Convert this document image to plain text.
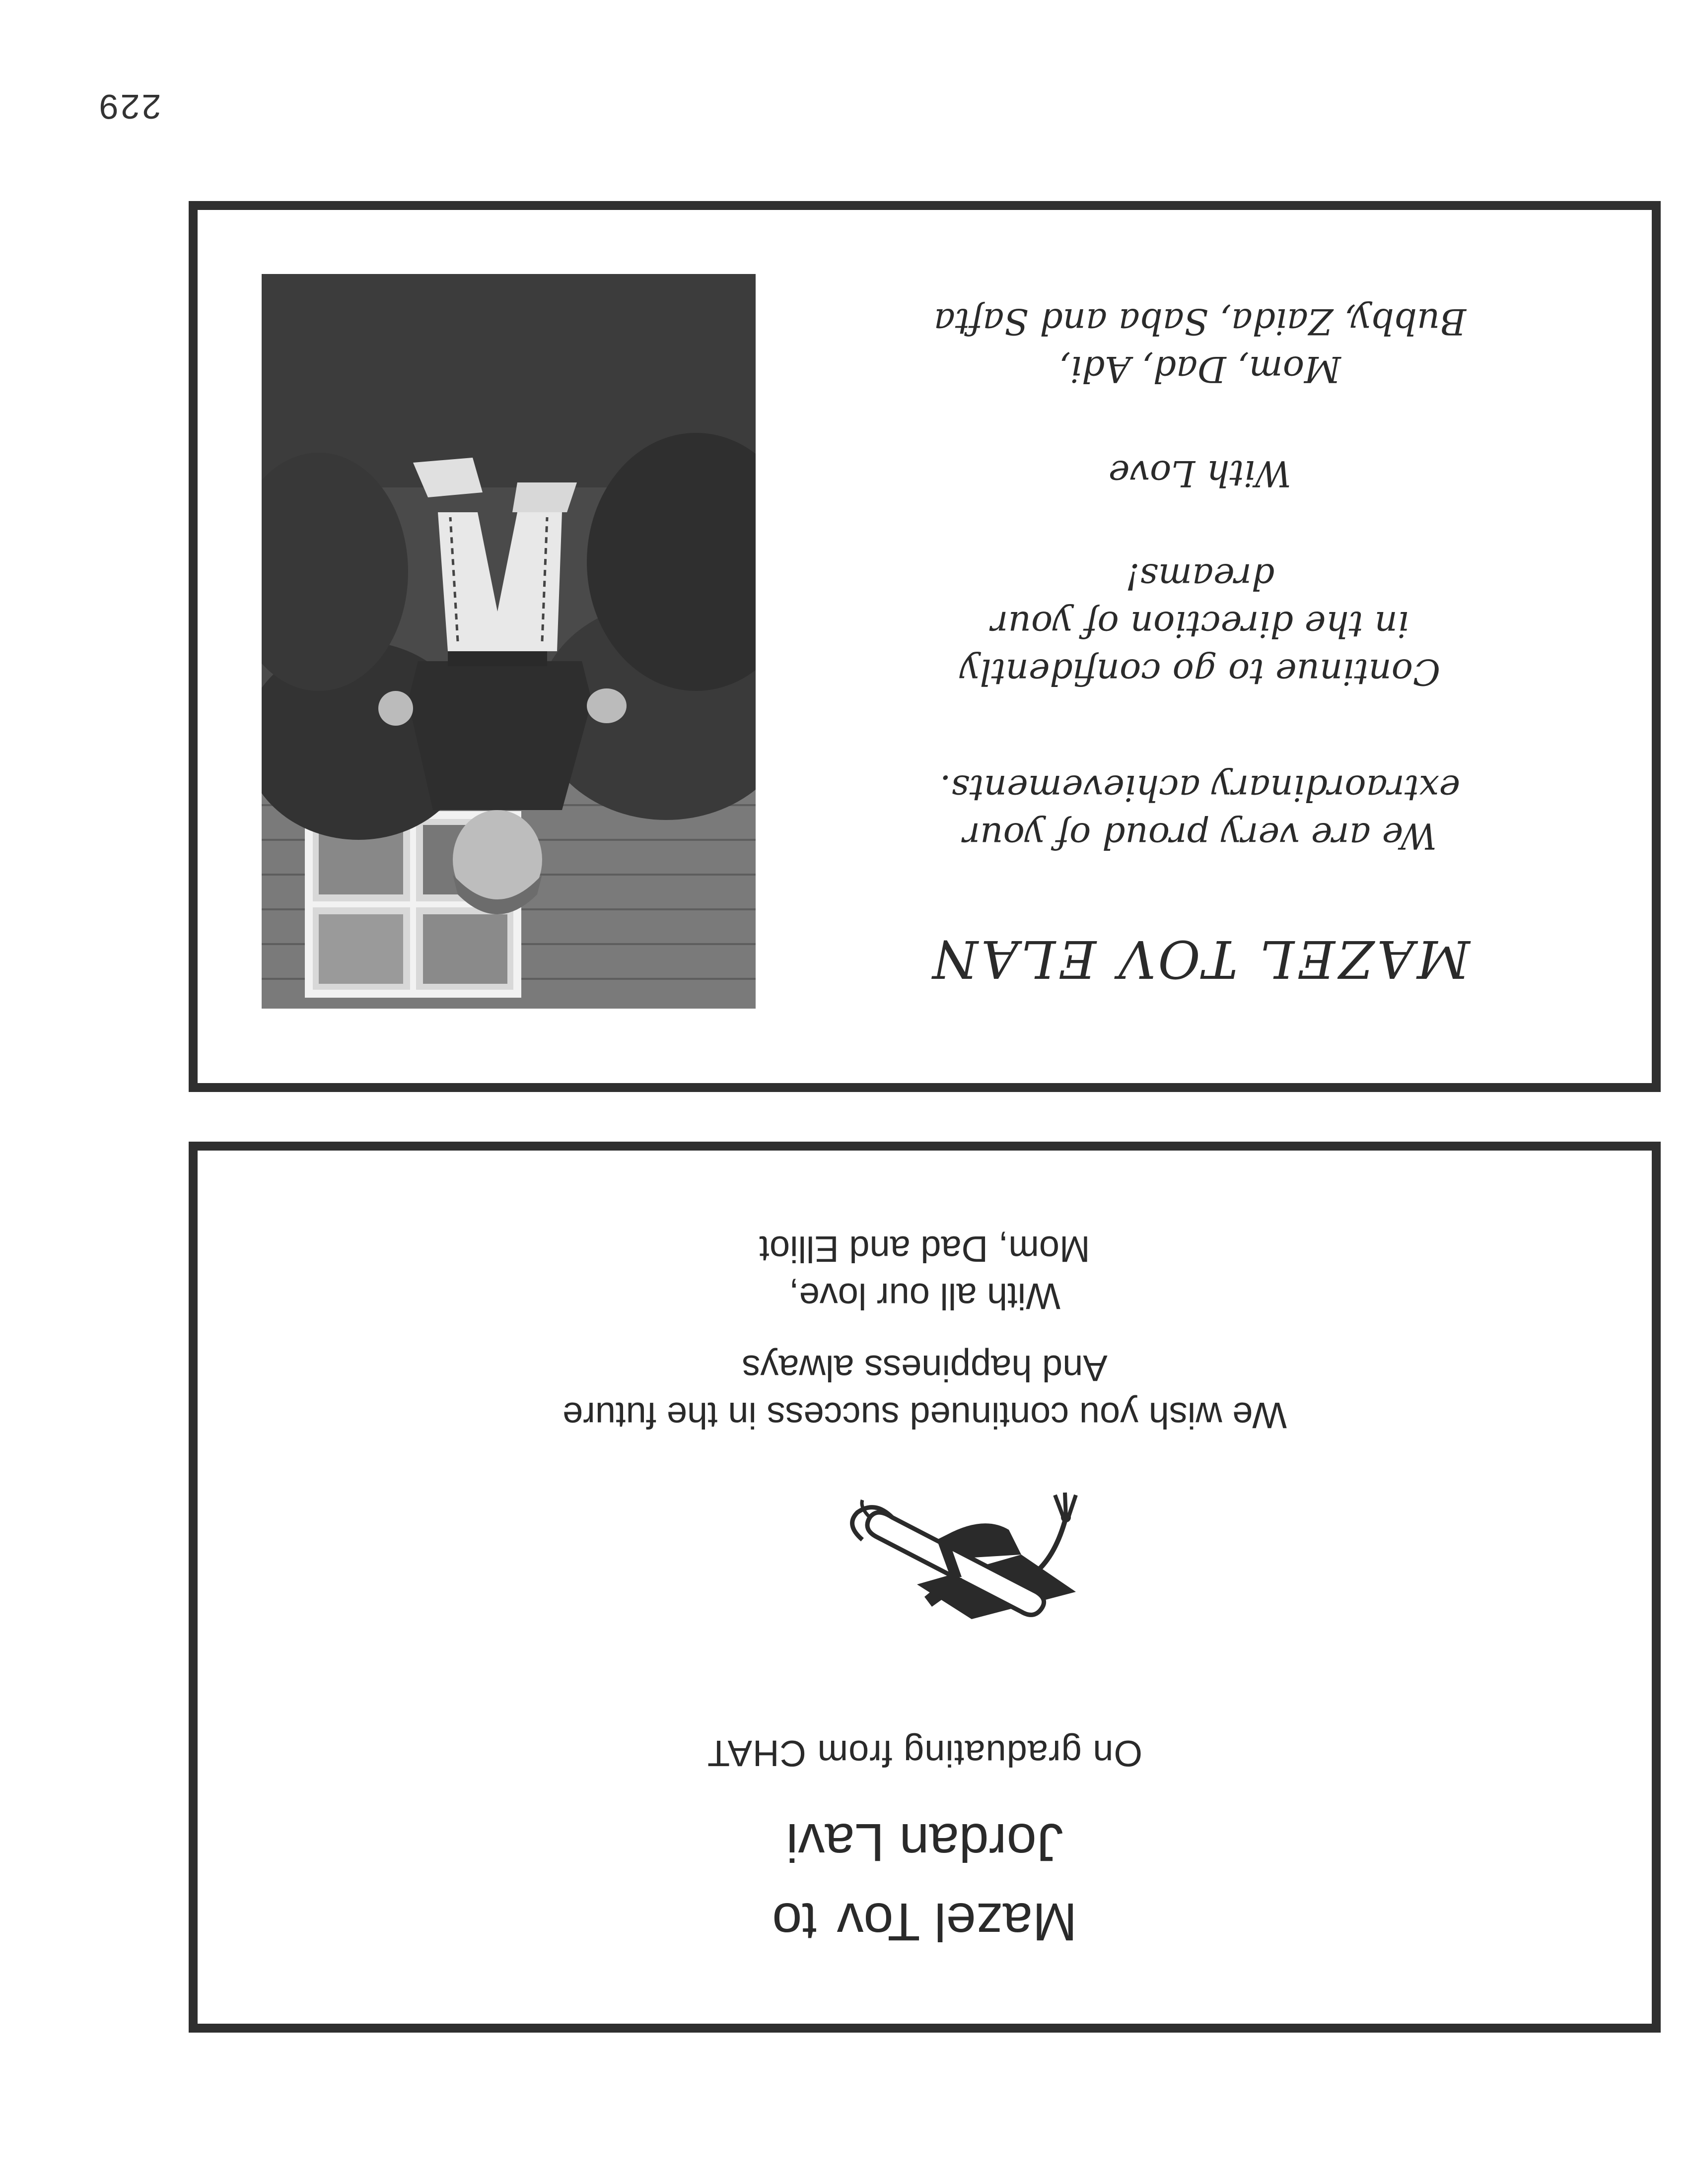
229
Mazel Tovto
Jordan Lavi
On graduating from CHAT
We wish you continued success in the future
And happiness always
With all our love,
Mom, Dad and Elliot
MAZEL TOV ELAN
We are very proud of your
extraordinary achievements.
Continue to go confidently
in the direction of your
dreams!
With Love
Mom, Dad, Adi,
Bubby, Zaida, Saba and Safta
